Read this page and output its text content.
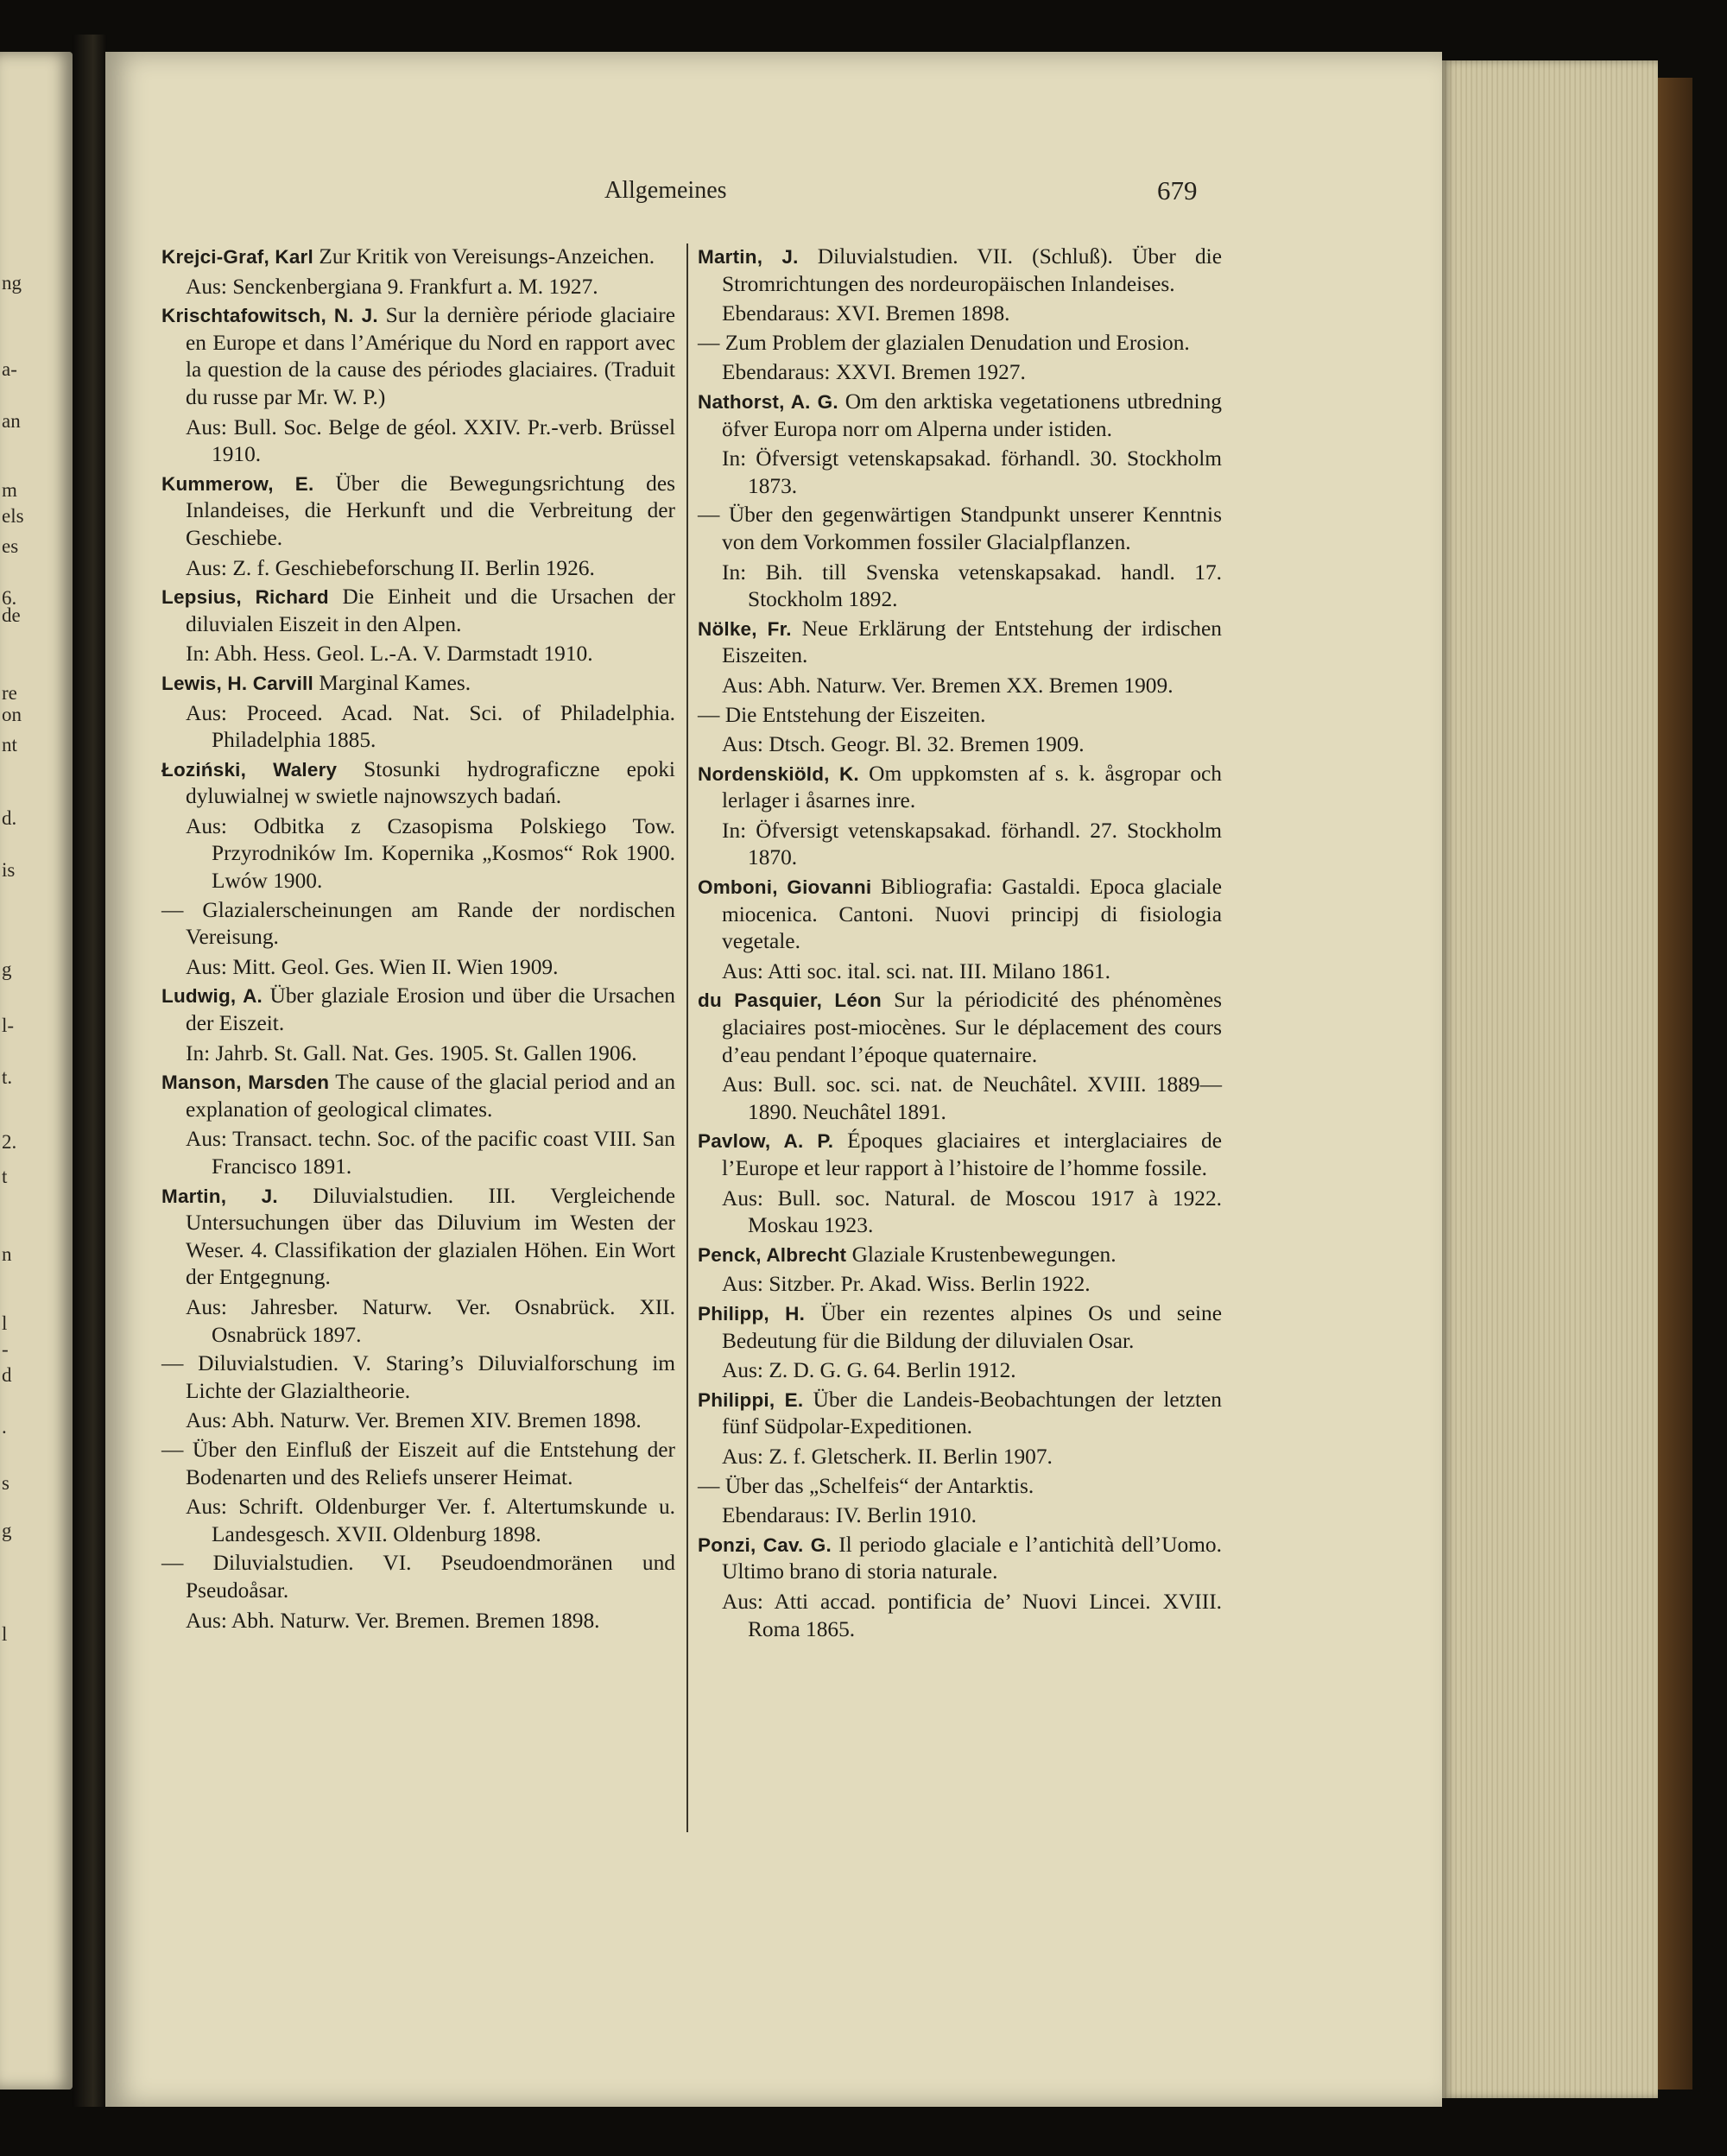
ng
a-
an
m
els
es
6.
de
re
on
nt
d.
is
g
l-
t.
2.
t
n
l
-
d
.
s
g
l
Allgemeines	679
Krejci-Graf, Karl Zur Kritik von Vereisungs-Anzeichen.
Aus: Senckenbergiana 9. Frankfurt a. M. 1927.
Krischtafowitsch, N. J. Sur la dernière période glaciaire en Europe et dans l’Amérique du Nord en rapport avec la question de la cause des périodes glaciaires. (Traduit du russe par Mr. W. P.)
Aus: Bull. Soc. Belge de géol. XXIV. Pr.-verb. Brüssel 1910.
Kummerow, E. Über die Bewegungsrichtung des Inlandeises, die Herkunft und die Verbreitung der Geschiebe.
Aus: Z. f. Geschiebeforschung II. Berlin 1926.
Lepsius, Richard Die Einheit und die Ursachen der diluvialen Eiszeit in den Alpen.
In: Abh. Hess. Geol. L.-A. V. Darmstadt 1910.
Lewis, H. Carvill Marginal Kames.
Aus: Proceed. Acad. Nat. Sci. of Philadelphia. Philadelphia 1885.
Łoziński, Walery Stosunki hydrograficzne epoki dyluwialnej w swietle najnowszych badań.
Aus: Odbitka z Czasopisma Polskiego Tow. Przyrodników Im. Kopernika „Kosmos“ Rok 1900. Lwów 1900.
— Glazialerscheinungen am Rande der nordischen Vereisung.
Aus: Mitt. Geol. Ges. Wien II. Wien 1909.
Ludwig, A. Über glaziale Erosion und über die Ursachen der Eiszeit.
In: Jahrb. St. Gall. Nat. Ges. 1905. St. Gallen 1906.
Manson, Marsden The cause of the glacial period and an explanation of geological climates.
Aus: Transact. techn. Soc. of the pacific coast VIII. San Francisco 1891.
Martin, J. Diluvialstudien. III. Vergleichende Untersuchungen über das Diluvium im Westen der Weser. 4. Classifikation der glazialen Höhen. Ein Wort der Entgegnung.
Aus: Jahresber. Naturw. Ver. Osnabrück. XII. Osnabrück 1897.
— Diluvialstudien. V. Staring’s Diluvialforschung im Lichte der Glazialtheorie.
Aus: Abh. Naturw. Ver. Bremen XIV. Bremen 1898.
— Über den Einfluß der Eiszeit auf die Entstehung der Bodenarten und des Reliefs unserer Heimat.
Aus: Schrift. Oldenburger Ver. f. Altertumskunde u. Landesgesch. XVII. Oldenburg 1898.
— Diluvialstudien. VI. Pseudoendmoränen und Pseudoåsar.
Aus: Abh. Naturw. Ver. Bremen. Bremen 1898.
Martin, J. Diluvialstudien. VII. (Schluß). Über die Stromrichtungen des nordeuropäischen Inlandeises.
Ebendaraus: XVI. Bremen 1898.
— Zum Problem der glazialen Denudation und Erosion.
Ebendaraus: XXVI. Bremen 1927.
Nathorst, A. G. Om den arktiska vegetationens utbredning öfver Europa norr om Alperna under istiden.
In: Öfversigt vetenskapsakad. förhandl. 30. Stockholm 1873.
— Über den gegenwärtigen Standpunkt unserer Kenntnis von dem Vorkommen fossiler Glacialpflanzen.
In: Bih. till Svenska vetenskapsakad. handl. 17. Stockholm 1892.
Nölke, Fr. Neue Erklärung der Entstehung der irdischen Eiszeiten.
Aus: Abh. Naturw. Ver. Bremen XX. Bremen 1909.
— Die Entstehung der Eiszeiten.
Aus: Dtsch. Geogr. Bl. 32. Bremen 1909.
Nordenskiöld, K. Om uppkomsten af s. k. åsgropar och lerlager i åsarnes inre.
In: Öfversigt vetenskapsakad. förhandl. 27. Stockholm 1870.
Omboni, Giovanni Bibliografia: Gastaldi. Epoca glaciale miocenica. Cantoni. Nuovi principj di fisiologia vegetale.
Aus: Atti soc. ital. sci. nat. III. Milano 1861.
du Pasquier, Léon Sur la périodicité des phénomènes glaciaires post-miocènes. Sur le déplacement des cours d’eau pendant l’époque quaternaire.
Aus: Bull. soc. sci. nat. de Neuchâtel. XVIII. 1889—1890. Neuchâtel 1891.
Pavlow, A. P. Époques glaciaires et interglaciaires de l’Europe et leur rapport à l’histoire de l’homme fossile.
Aus: Bull. soc. Natural. de Moscou 1917 à 1922. Moskau 1923.
Penck, Albrecht Glaziale Krustenbewegungen.
Aus: Sitzber. Pr. Akad. Wiss. Berlin 1922.
Philipp, H. Über ein rezentes alpines Os und seine Bedeutung für die Bildung der diluvialen Osar.
Aus: Z. D. G. G. 64. Berlin 1912.
Philippi, E. Über die Landeis-Beobachtungen der letzten fünf Südpolar-Expeditionen.
Aus: Z. f. Gletscherk. II. Berlin 1907.
— Über das „Schelfeis“ der Antarktis.
Ebendaraus: IV. Berlin 1910.
Ponzi, Cav. G. Il periodo glaciale e l’antichità dell’Uomo. Ultimo brano di storia naturale.
Aus: Atti accad. pontificia de’ Nuovi Lincei. XVIII. Roma 1865.
